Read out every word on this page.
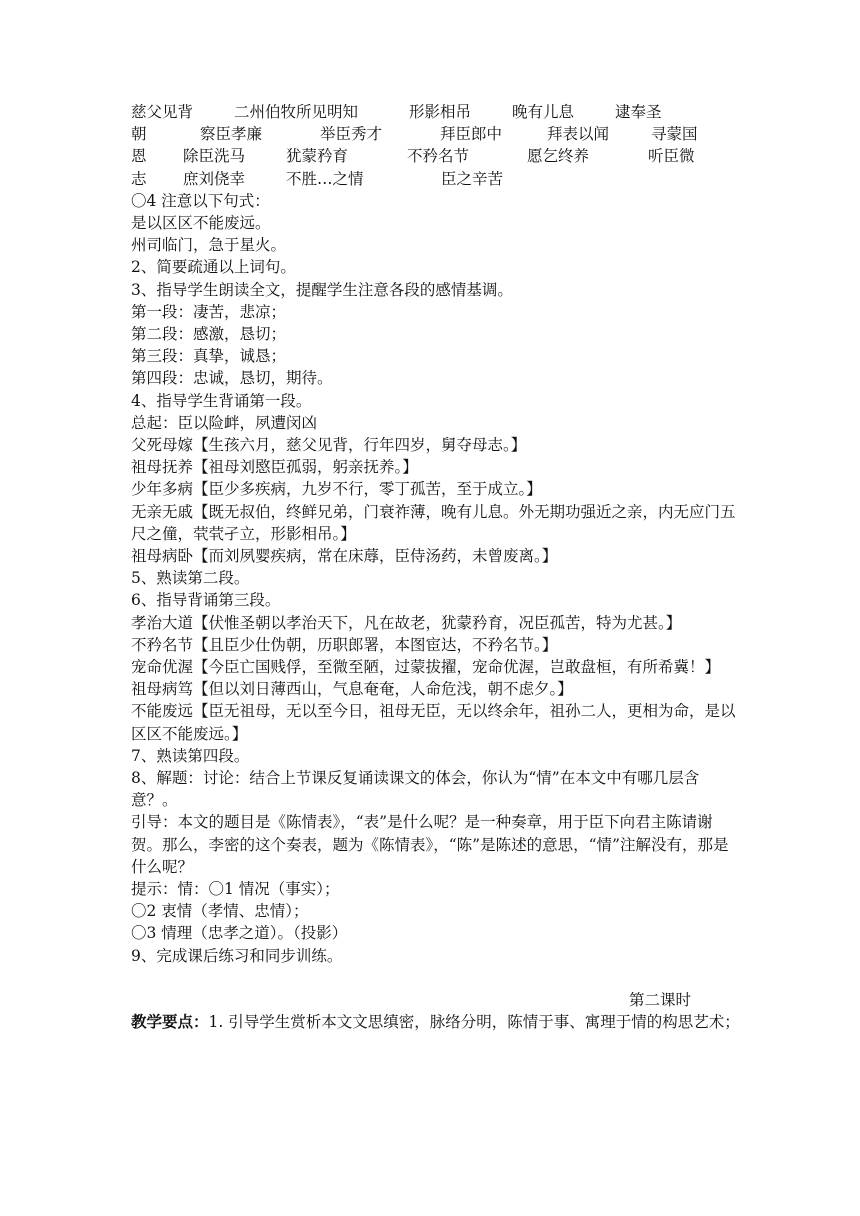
慈父见背	二州伯牧所见明知	形影相吊	晚有儿息	逮奉圣
朝	察臣孝廉	举臣秀才	拜臣郎中	拜表以闻	寻蒙国
恩 除臣洗马	犹蒙矜育	不矜名节	愿乞终养	听臣微
志 庶刘侥幸	不胜…之情	臣之辛苦
〇4 注意以下句式：
是以区区不能废远。
州司临门，急于星火。
2、简要疏通以上词句。
3、指导学生朗读全文，提醒学生注意各段的感情基调。
第一段：凄苦，悲凉；
第二段：感激，恳切；
第三段：真挚，诚恳；
第四段：忠诚，恳切，期待。
4、指导学生背诵第一段。
总起：臣以险衅，夙遭闵凶
父死母嫁【生孩六月，慈父见背，行年四岁，舅夺母志。】
祖母抚养【祖母刘愍臣孤弱，躬亲抚养。】
少年多病【臣少多疾病，九岁不行，零丁孤苦，至于成立。】
无亲无戚【既无叔伯，终鲜兄弟，门衰祚薄，晚有儿息。外无期功强近之亲，内无应门五尺之僮，茕茕孑立，形影相吊。】
祖母病卧【而刘夙婴疾病，常在床蓐，臣侍汤药，未曾废离。】
5、熟读第二段。
6、指导背诵第三段。
孝治大道【伏惟圣朝以孝治天下，凡在故老，犹蒙矜育，况臣孤苦，特为尤甚。】
不矜名节【且臣少仕伪朝，历职郎署，本图宦达，不矜名节。】
宠命优渥【今臣亡国贱俘，至微至陋，过蒙拔擢，宠命优渥，岂敢盘桓，有所希冀！】
祖母病笃【但以刘日薄西山，气息奄奄，人命危浅，朝不虑夕。】
不能废远【臣无祖母，无以至今日，祖母无臣，无以终余年，祖孙二人，更相为命，是以区区不能废远。】
7、熟读第四段。
8、解题：讨论：结合上节课反复诵读课文的体会，你认为“情”在本文中有哪几层含意？。
引导：本文的题目是《陈情表》，“表”是什么呢？是一种奏章，用于臣下向君主陈请谢贺。那么，李密的这个奏表，题为《陈情表》，“陈”是陈述的意思，“情”注解没有，那是什么呢？
提示：情：〇1 情况（事实）；
〇2 衷情（孝情、忠情）；
〇3 情理（忠孝之道）。（投影）
9、完成课后练习和同步训练。
第二课时
教学要点：1. 引导学生赏析本文文思缜密，脉络分明，陈情于事、寓理于情的构思艺术；
